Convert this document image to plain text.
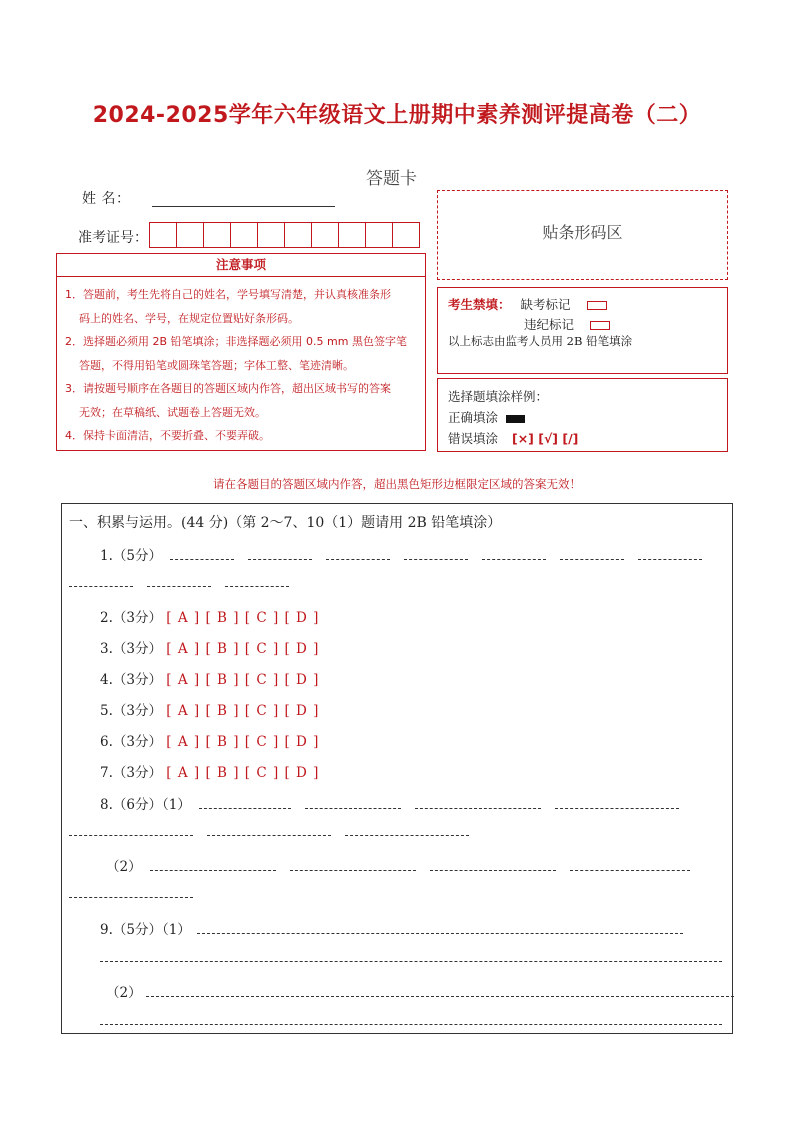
2024-2025学年六年级语文上册期中素养测评提高卷（二）
答题卡
姓 名：
准考证号：
注意事项
1．答题前，考生先将自己的姓名，学号填写清楚，并认真核准条形
码上的姓名、学号，在规定位置贴好条形码。
2．选择题必须用 2B 铅笔填涂；非选择题必须用 0.5 mm 黑色签字笔
答题，不得用铅笔或圆珠笔答题；字体工整、笔迹清晰。
3．请按题号顺序在各题目的答题区域内作答，超出区域书写的答案
无效；在草稿纸、试题卷上答题无效。
4．保持卡面清洁，不要折叠、不要弄破。
贴条形码区
考生禁填： 缺考标记
违纪标记
以上标志由监考人员用 2B 铅笔填涂
选择题填涂样例：
正确填涂
错误填涂 [×] [√] [/]
请在各题目的答题区域内作答，超出黑色矩形边框限定区域的答案无效！
一、积累与运用。(44 分)（第 2～7、10（1）题请用 2B 铅笔填涂）
1.（5分）
2.（3分） [ A ] [ B ] [ C ] [ D ]
3.（3分） [ A ] [ B ] [ C ] [ D ]
4.（3分） [ A ] [ B ] [ C ] [ D ]
5.（3分） [ A ] [ B ] [ C ] [ D ]
6.（3分） [ A ] [ B ] [ C ] [ D ]
7.（3分） [ A ] [ B ] [ C ] [ D ]
8.（6分）（1）
（2）
9.（5分）（1）
（2）
